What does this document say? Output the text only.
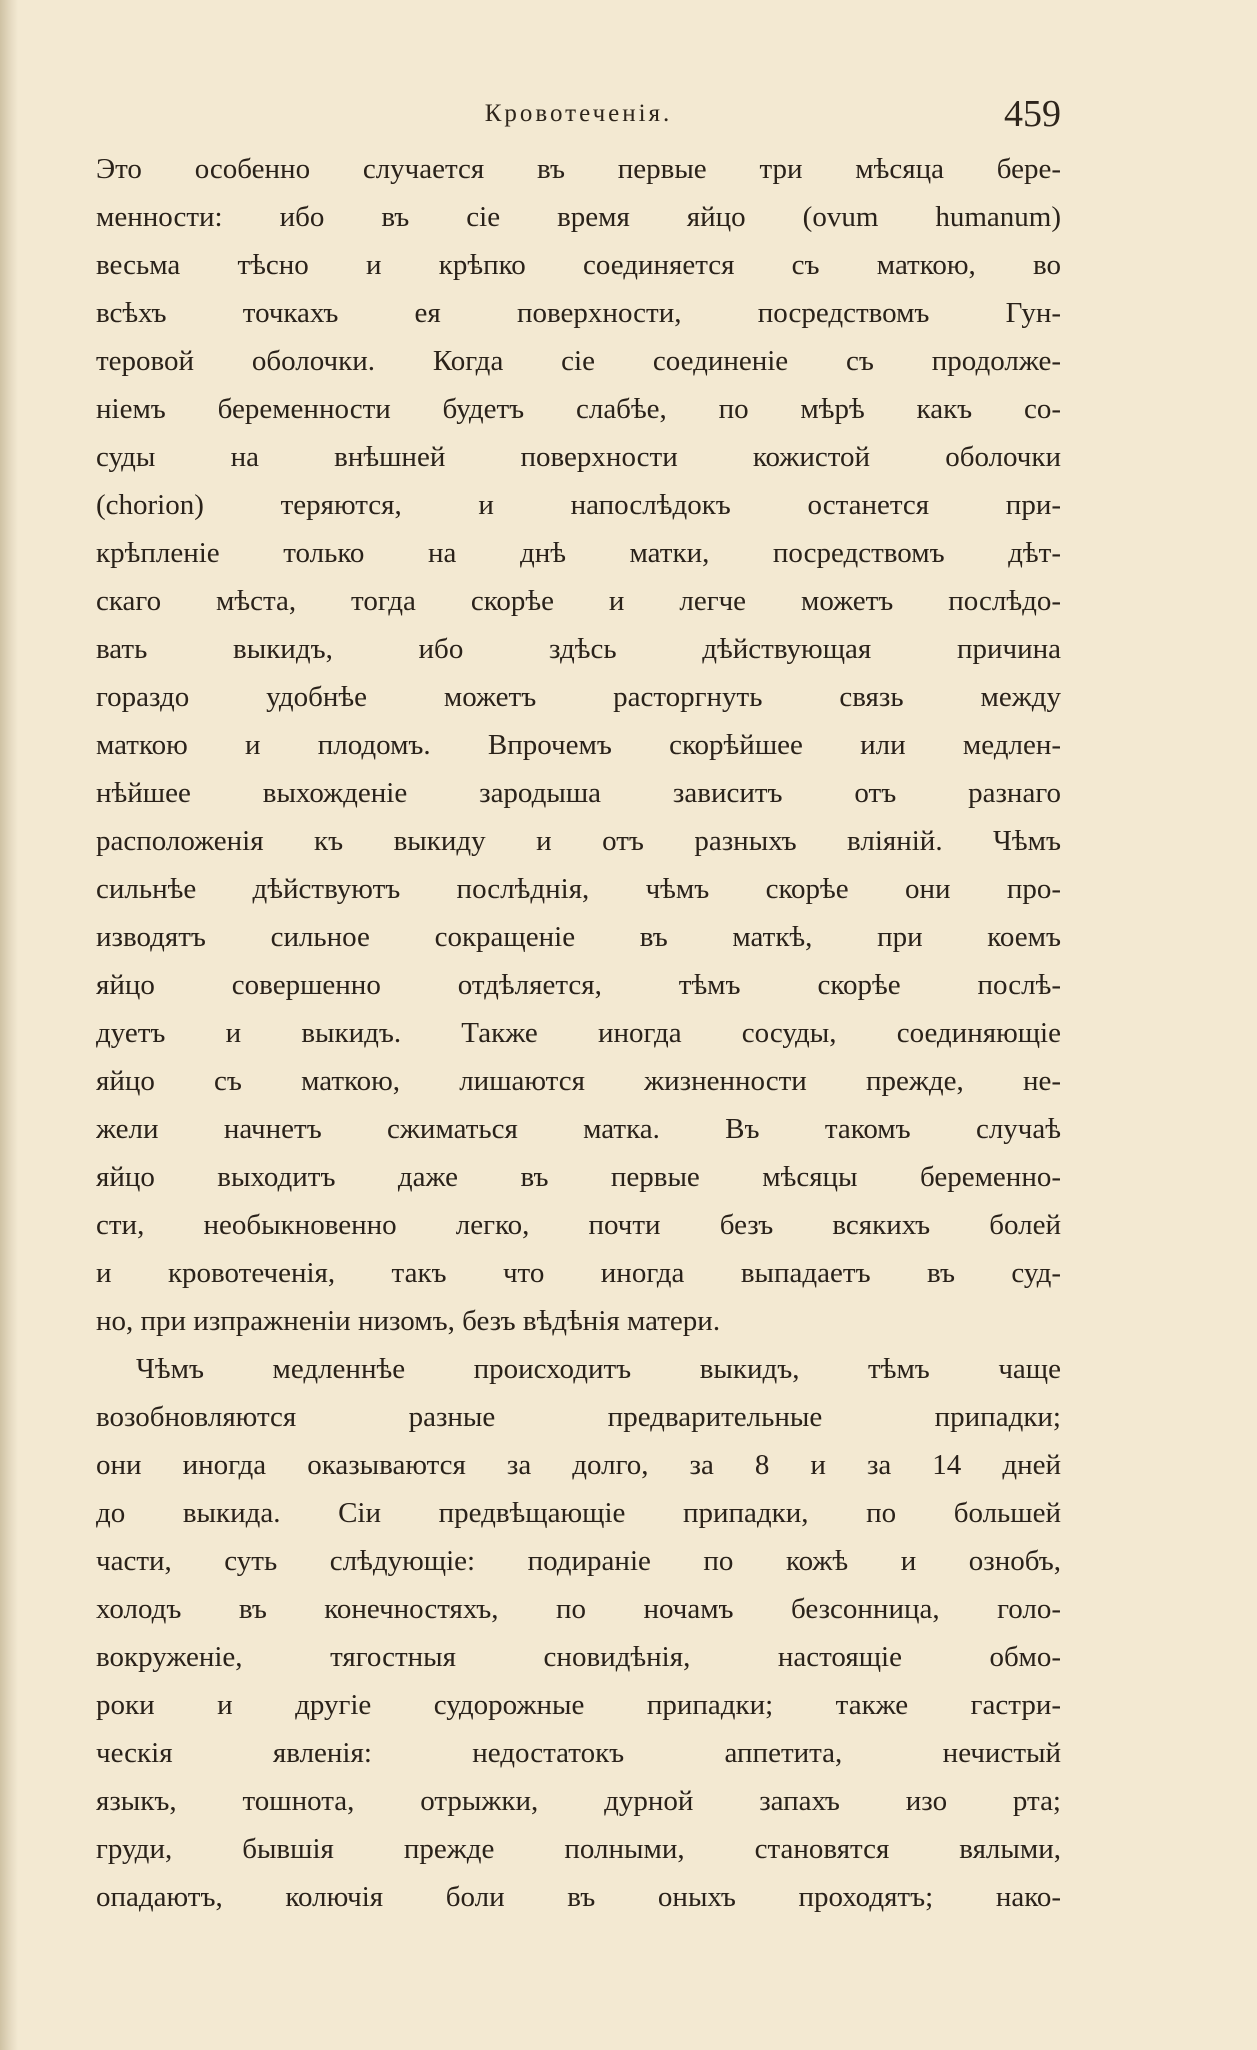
Кровотеченія.	459
Это особенно случается въ первые три мѣсяца бере-
менности: ибо въ сіе время яйцо (ovum humanum)
весьма тѣсно и крѣпко соединяется съ маткою, во
всѣхъ точкахъ ея поверхности, посредствомъ Гун-
теровой оболочки. Когда сіе соединеніе съ продолже-
ніемъ беременности будетъ слабѣе, по мѣрѣ какъ со-
суды на внѣшней поверхности кожистой оболочки
(chorion) теряются, и напослѣдокъ останется при-
крѣпленіе только на днѣ матки, посредствомъ дѣт-
скаго мѣста, тогда скорѣе и легче можетъ послѣдо-
вать выкидъ, ибо здѣсь дѣйствующая причина
гораздо удобнѣе можетъ расторгнуть связь между
маткою и плодомъ. Впрочемъ скорѣйшее или медлен-
нѣйшее выхожденіе зародыша зависитъ отъ разнаго
расположенія къ выкиду и отъ разныхъ вліяній. Чѣмъ
сильнѣе дѣйствуютъ послѣднія, чѣмъ скорѣе они про-
изводятъ сильное сокращеніе въ маткѣ, при коемъ
яйцо совершенно отдѣляется, тѣмъ скорѣе послѣ-
дуетъ и выкидъ. Также иногда сосуды, соединяющіе
яйцо съ маткою, лишаются жизненности прежде, не-
жели начнетъ сжиматься матка. Въ такомъ случаѣ
яйцо выходитъ даже въ первые мѣсяцы беременно-
сти, необыкновенно легко, почти безъ всякихъ болей
и кровотеченія, такъ что иногда выпадаетъ въ суд-
но, при изпражненіи низомъ, безъ вѣдѣнія матери.
Чѣмъ медленнѣе происходитъ выкидъ, тѣмъ чаще
возобновляются разные предварительные припадки;
они иногда оказываются за долго, за 8 и за 14 дней
до выкида. Сіи предвѣщающіе припадки, по большей
части, суть слѣдующіе: подираніе по кожѣ и ознобъ,
холодъ въ конечностяхъ, по ночамъ безсонница, голо-
вокруженіе, тягостныя сновидѣнія, настоящіе обмо-
роки и другіе судорожные припадки; также гастри-
ческія явленія: недостатокъ аппетита, нечистый
языкъ, тошнота, отрыжки, дурной запахъ изо рта;
груди, бывшія прежде полными, становятся вялыми,
опадаютъ, колючія боли въ оныхъ проходятъ; нако-
